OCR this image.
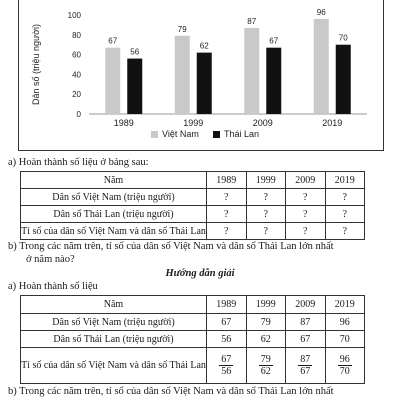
0
20
40
60
80
100
Dân số (triệu người)	67
56
1989
79
62
1999
87
67
2009
96
70
2019
Việt Nam	Thái Lan
a) Hoàn thành số liệu ở bảng sau:
Năm	1989	1999	2009	2019
Dân số Việt Nam (triệu người)	?	?	?	?
Dân số Thái Lan (triệu người)	?	?	?	?
Tỉ số của dân số Việt Nam và dân số Thái Lan	?	?	?	?
b) Trong các năm trên, tỉ số của dân số Việt Nam và dân số Thái Lan lớn nhất
ở năm nào?
Hướng dẫn giải
a) Hoàn thành số liệu
Năm	1989	1999	2009	2019
Dân số Việt Nam (triệu người)	67	79	87	96
Dân số Thái Lan (triệu người)	56	62	67	70
Tỉ số của dân số Việt Nam và dân số Thái Lan	$\frac{67}{56}$	$\frac{79}{62}$	$\frac{87}{67}$	$\frac{96}{70}$
b) Trong các năm trên, tỉ số của dân số Việt Nam và dân số Thái Lan lớn nhất
